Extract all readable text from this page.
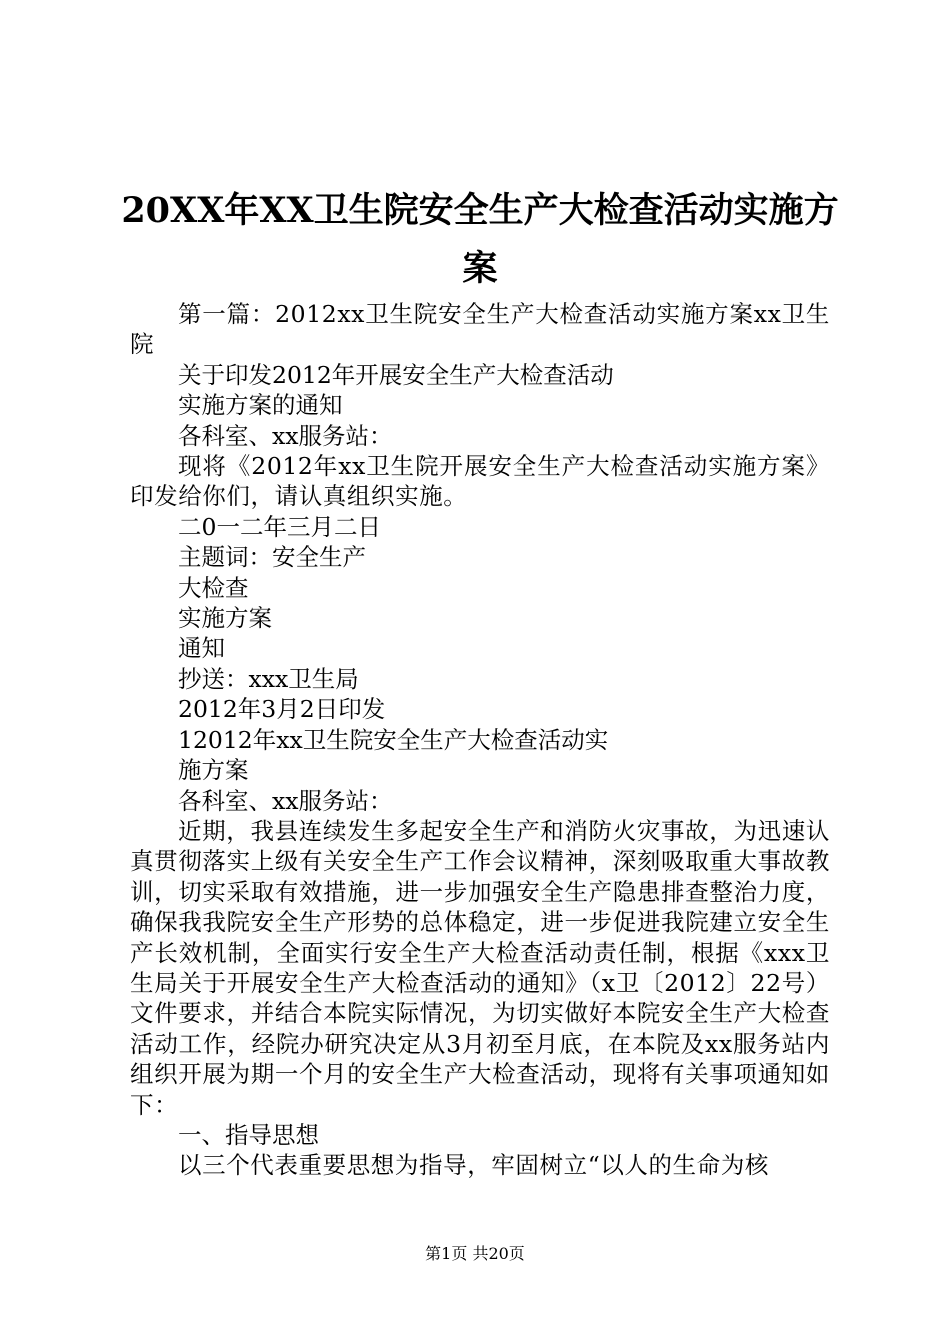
20XX年XX卫生院安全生产大检查活动实施方案

第一篇：2012xx卫生院安全生产大检查活动实施方案xx卫生院

关于印发2012年开展安全生产大检查活动

实施方案的通知

各科室、xx服务站：

现将《2012年xx卫生院开展安全生产大检查活动实施方案》印发给你们，请认真组织实施。

二0一二年三月二日

主题词：安全生产

大检查

实施方案

通知

抄送：xxx卫生局

2012年3月2日印发

12012年xx卫生院安全生产大检查活动实

施方案

各科室、xx服务站：

近期，我县连续发生多起安全生产和消防火灾事故，为迅速认真贯彻落实上级有关安全生产工作会议精神，深刻吸取重大事故教训，切实采取有效措施，进一步加强安全生产隐患排查整治力度，确保我我院安全生产形势的总体稳定，进一步促进我院建立安全生产长效机制，全面实行安全生产大检查活动责任制，根据《xxx卫生局关于开展安全生产大检查活动的通知》（x卫〔2012〕22号）文件要求，并结合本院实际情况，为切实做好本院安全生产大检查活动工作，经院办研究决定从3月初至月底，在本院及xx服务站内组织开展为期一个月的安全生产大检查活动，现将有关事项通知如下：

一、指导思想

以三个代表重要思想为指导，牢固树立“以人的生命为核

第1页 共20页
